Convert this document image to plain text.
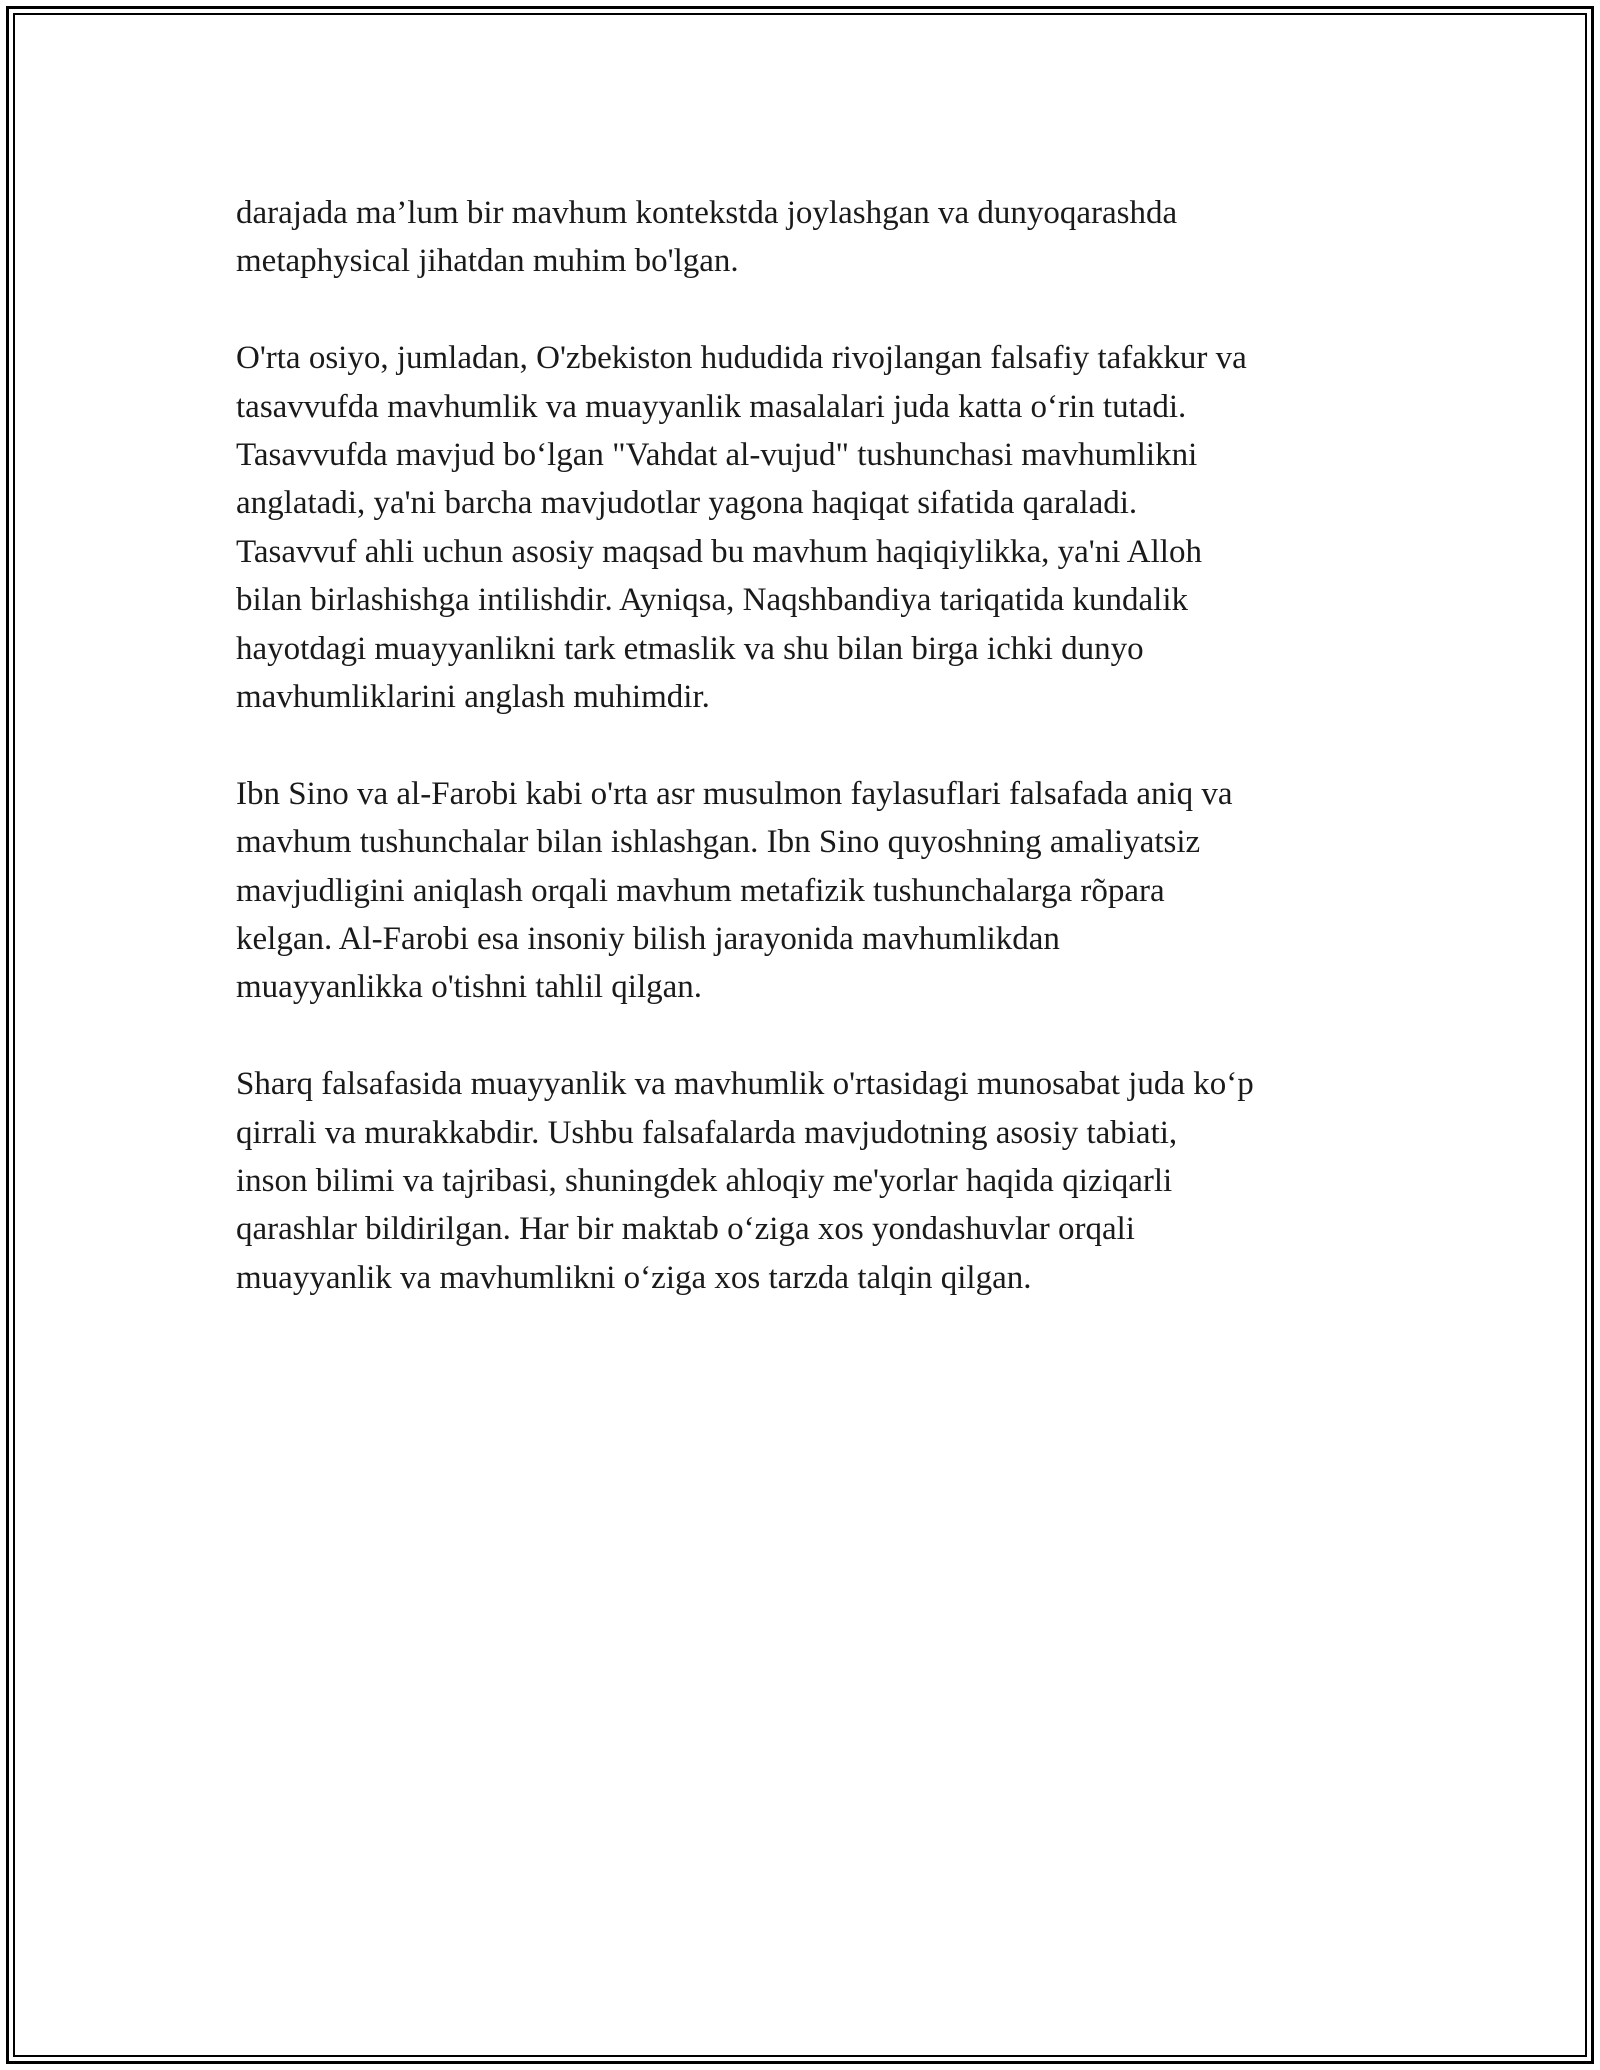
darajada ma’lum bir mavhum kontekstda joylashgan va dunyoqarashda
metaphysical jihatdan muhim bo'lgan.

O'rta osiyo, jumladan, O'zbekiston hududida rivojlangan falsafiy tafakkur va
tasavvufda mavhumlik va muayyanlik masalalari juda katta o‘rin tutadi.
Tasavvufda mavjud bo‘lgan "Vahdat al-vujud" tushunchasi mavhumlikni
anglatadi, ya'ni barcha mavjudotlar yagona haqiqat sifatida qaraladi.
Tasavvuf ahli uchun asosiy maqsad bu mavhum haqiqiylikka, ya'ni Alloh
bilan birlashishga intilishdir. Ayniqsa, Naqshbandiya tariqatida kundalik
hayotdagi muayyanlikni tark etmaslik va shu bilan birga ichki dunyo
mavhumliklarini anglash muhimdir.

Ibn Sino va al-Farobi kabi o'rta asr musulmon faylasuflari falsafada aniq va
mavhum tushunchalar bilan ishlashgan. Ibn Sino quyoshning amaliyatsiz
mavjudligini aniqlash orqali mavhum metafizik tushunchalarga rõpara
kelgan. Al-Farobi esa insoniy bilish jarayonida mavhumlikdan
muayyanlikka o'tishni tahlil qilgan.

Sharq falsafasida muayyanlik va mavhumlik o'rtasidagi munosabat juda ko‘p
qirrali va murakkabdir. Ushbu falsafalarda mavjudotning asosiy tabiati,
inson bilimi va tajribasi, shuningdek ahloqiy me'yorlar haqida qiziqarli
qarashlar bildirilgan. Har bir maktab o‘ziga xos yondashuvlar orqali
muayyanlik va mavhumlikni o‘ziga xos tarzda talqin qilgan.
